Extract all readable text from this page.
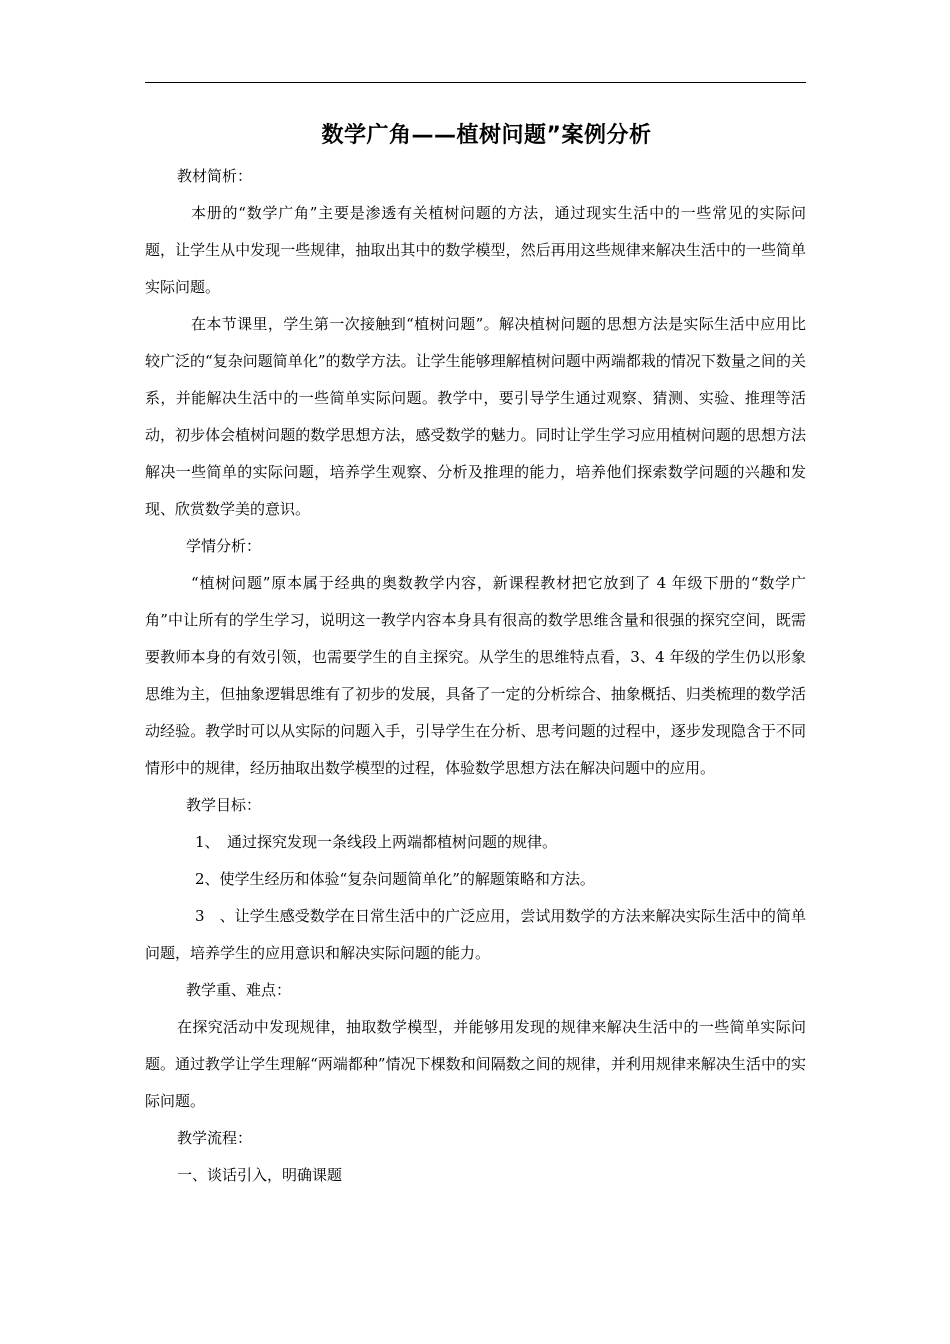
数学广角——植树问题”案例分析

教材简析：

本册的“数学广角”主要是渗透有关植树问题的方法，通过现实生活中的一些常见的实际问题，让学生从中发现一些规律，抽取出其中的数学模型，然后再用这些规律来解决生活中的一些简单实际问题。

在本节课里，学生第一次接触到“植树问题”。解决植树问题的思想方法是实际生活中应用比较广泛的“复杂问题简单化”的数学方法。让学生能够理解植树问题中两端都栽的情况下数量之间的关系，并能解决生活中的一些简单实际问题。教学中，要引导学生通过观察、猜测、实验、推理等活动，初步体会植树问题的数学思想方法，感受数学的魅力。同时让学生学习应用植树问题的思想方法解决一些简单的实际问题，培养学生观察、分析及推理的能力，培养他们探索数学问题的兴趣和发现、欣赏数学美的意识。

学情分析：

“植树问题”原本属于经典的奥数教学内容，新课程教材把它放到了 4 年级下册的“数学广角”中让所有的学生学习，说明这一教学内容本身具有很高的数学思维含量和很强的探究空间，既需要教师本身的有效引领，也需要学生的自主探究。从学生的思维特点看，3、4 年级的学生仍以形象思维为主，但抽象逻辑思维有了初步的发展，具备了一定的分析综合、抽象概括、归类梳理的数学活动经验。教学时可以从实际的问题入手，引导学生在分析、思考问题的过程中，逐步发现隐含于不同情形中的规律，经历抽取出数学模型的过程，体验数学思想方法在解决问题中的应用。

教学目标：

1、　通过探究发现一条线段上两端都植树问题的规律。

2、使学生经历和体验“复杂问题简单化”的解题策略和方法。

3　、让学生感受数学在日常生活中的广泛应用，尝试用数学的方法来解决实际生活中的简单问题，培养学生的应用意识和解决实际问题的能力。

教学重、难点：

在探究活动中发现规律，抽取数学模型，并能够用发现的规律来解决生活中的一些简单实际问题。通过教学让学生理解“两端都种”情况下棵数和间隔数之间的规律，并利用规律来解决生活中的实际问题。

教学流程：

一、谈话引入，明确课题
